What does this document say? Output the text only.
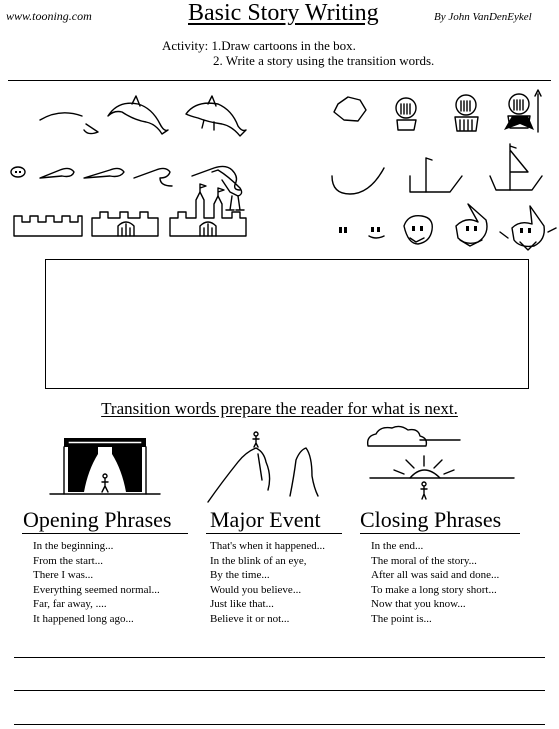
www.tooning.com	Basic Story Writing	By John VanDenEykel
Activity: 1.Draw cartoons in the box.
2. Write a story using the transition words.
Transition words prepare the reader for what is next.
Opening Phrases
In the beginning...
From the start...
There I was...
Everything seemed normal...
Far, far away, ....
It happened long ago...
Major Event
That's when it happened...
In the blink of an eye,
By the time...
Would you believe...
Just like that...
Believe it or not...
Closing Phrases
In the end...
The moral of the story...
After all was said and done...
To make a long story short...
Now that you know...
The point is...
